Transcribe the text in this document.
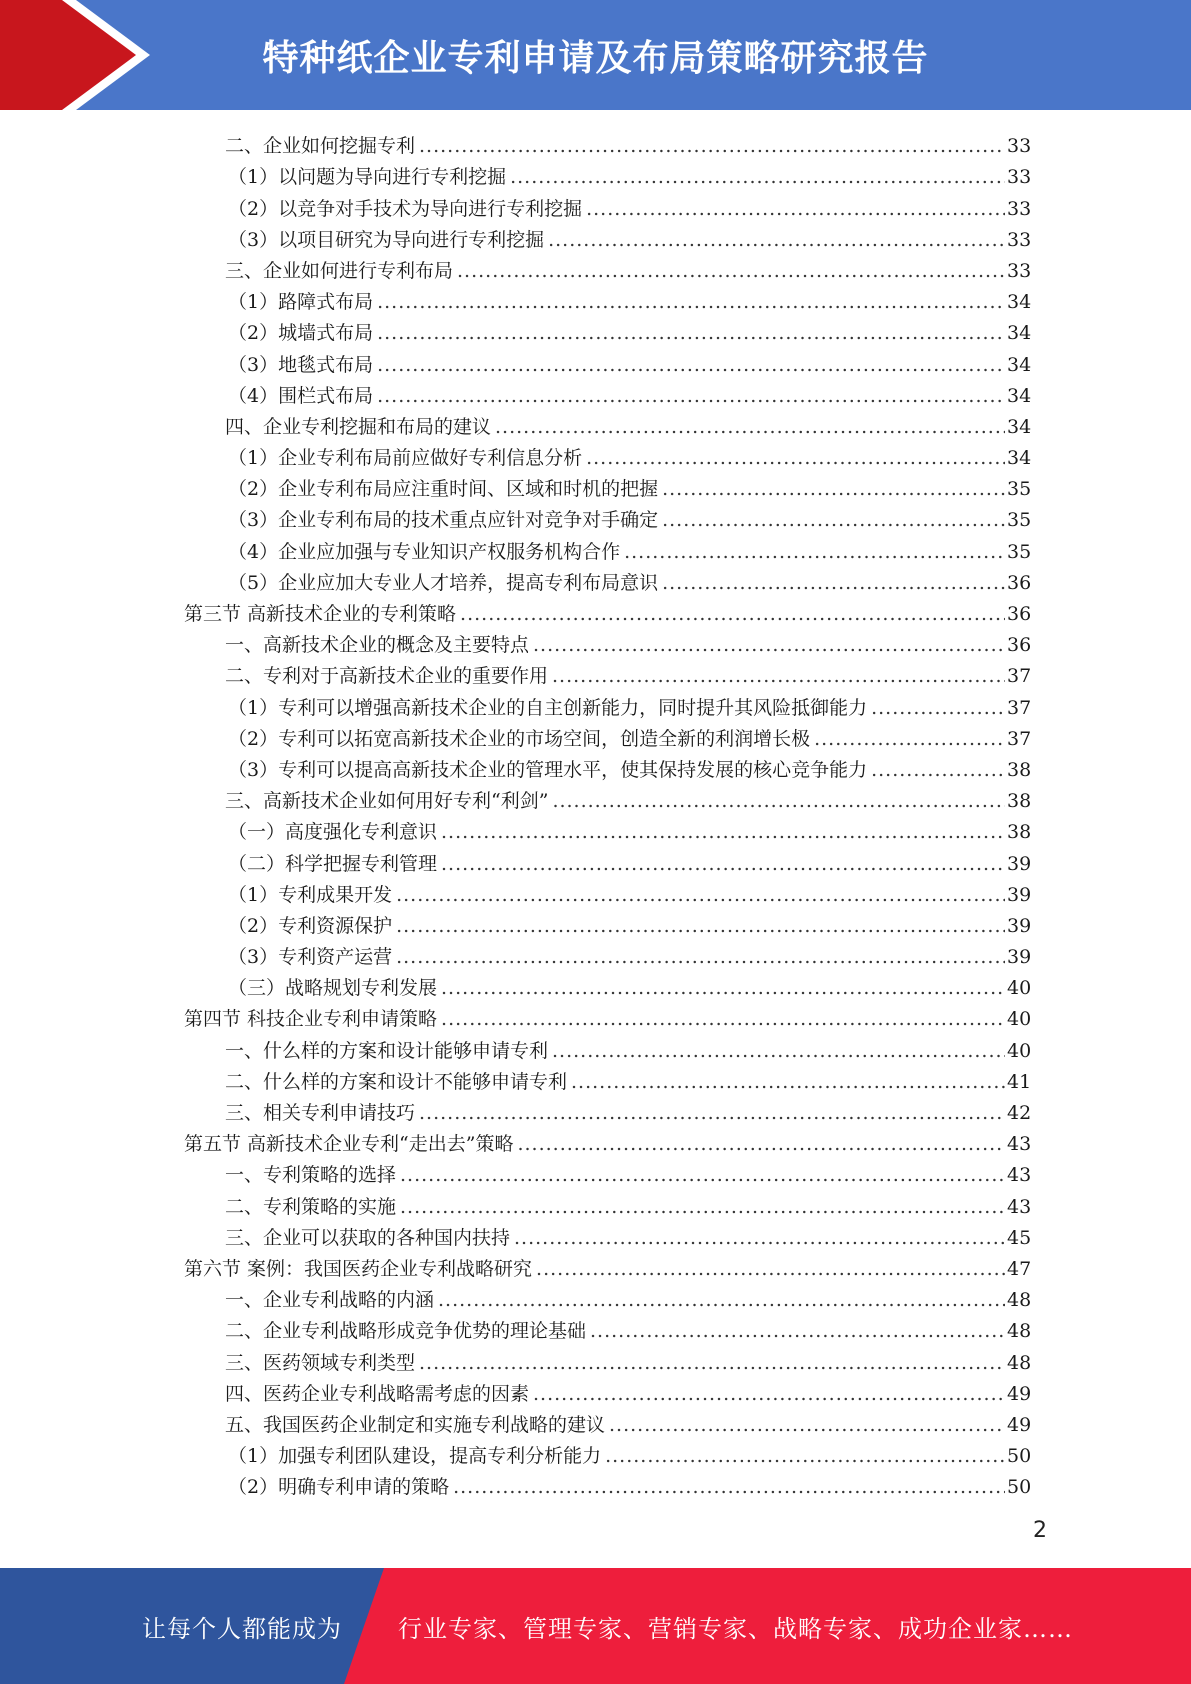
特种纸企业专利申请及布局策略研究报告
二、企业如何挖掘专利 .....	33
（1）以问题为导向进行专利挖掘 .....	33
（2）以竞争对手技术为导向进行专利挖掘 .....	33
（3）以项目研究为导向进行专利挖掘 .....	33
三、企业如何进行专利布局 .....	33
（1）路障式布局 .....	34
（2）城墙式布局 .....	34
（3）地毯式布局 .....	34
（4）围栏式布局 .....	34
四、企业专利挖掘和布局的建议 .....	34
（1）企业专利布局前应做好专利信息分析 .....	34
（2）企业专利布局应注重时间、区域和时机的把握 .....	35
（3）企业专利布局的技术重点应针对竞争对手确定 .....	35
（4）企业应加强与专业知识产权服务机构合作 .....	35
（5）企业应加大专业人才培养，提高专利布局意识 .....	36
第三节 高新技术企业的专利策略 .....	36
一、高新技术企业的概念及主要特点 .....	36
二、专利对于高新技术企业的重要作用 .....	37
（1）专利可以增强高新技术企业的自主创新能力，同时提升其风险抵御能力 .....	37
（2）专利可以拓宽高新技术企业的市场空间，创造全新的利润增长极 .....	37
（3）专利可以提高高新技术企业的管理水平，使其保持发展的核心竞争能力 .....	38
三、高新技术企业如何用好专利“利剑” .....	38
（一）高度强化专利意识 .....	38
（二）科学把握专利管理 .....	39
（1）专利成果开发 .....	39
（2）专利资源保护 .....	39
（3）专利资产运营 .....	39
（三）战略规划专利发展 .....	40
第四节 科技企业专利申请策略 .....	40
一、什么样的方案和设计能够申请专利 .....	40
二、什么样的方案和设计不能够申请专利 .....	41
三、相关专利申请技巧 .....	42
第五节 高新技术企业专利“走出去”策略 .....	43
一、专利策略的选择 .....	43
二、专利策略的实施 .....	43
三、企业可以获取的各种国内扶持 .....	45
第六节 案例：我国医药企业专利战略研究 .....	47
一、企业专利战略的内涵 .....	48
二、企业专利战略形成竞争优势的理论基础 .....	48
三、医药领域专利类型 .....	48
四、医药企业专利战略需考虑的因素 .....	49
五、我国医药企业制定和实施专利战略的建议 .....	49
（1）加强专利团队建设，提高专利分析能力 .....	50
（2）明确专利申请的策略 .....	50
2
让每个人都能成为 行业专家、管理专家、营销专家、战略专家、成功企业家……
